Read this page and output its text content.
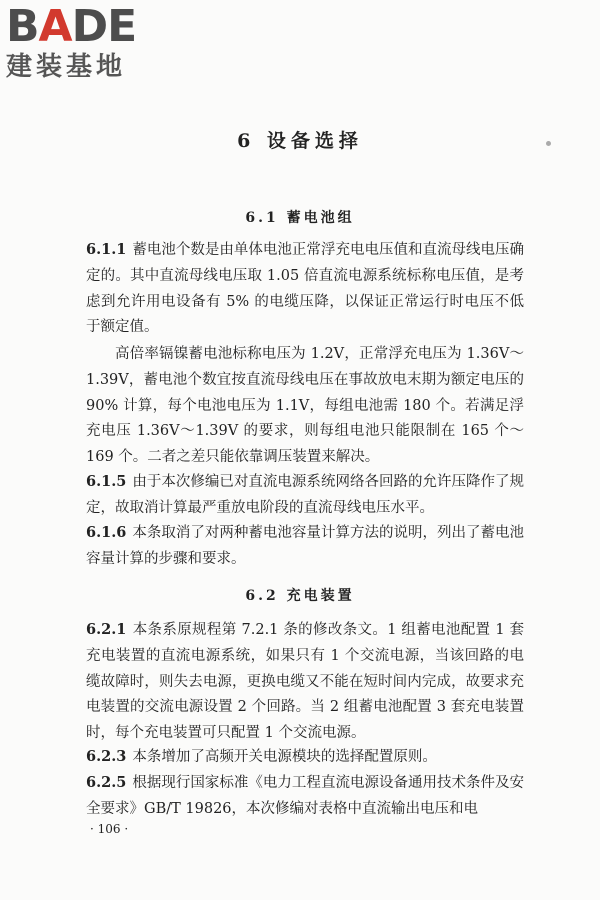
BADE
建装基地
6 设备选择
6.1 蓄电池组
6.1.1 蓄电池个数是由单体电池正常浮充电电压值和直流母线电压确定的。其中直流母线电压取 1.05 倍直流电源系统标称电压值，是考虑到允许用电设备有 5% 的电缆压降，以保证正常运行时电压不低于额定值。
高倍率镉镍蓄电池标称电压为 1.2V，正常浮充电压为 1.36V～1.39V，蓄电池个数宜按直流母线电压在事故放电末期为额定电压的 90% 计算，每个电池电压为 1.1V，每组电池需 180 个。若满足浮充电压 1.36V～1.39V 的要求，则每组电池只能限制在 165 个～169 个。二者之差只能依靠调压装置来解决。
6.1.5 由于本次修编已对直流电源系统网络各回路的允许压降作了规定，故取消计算最严重放电阶段的直流母线电压水平。
6.1.6 本条取消了对两种蓄电池容量计算方法的说明，列出了蓄电池容量计算的步骤和要求。
6.2 充电装置
6.2.1 本条系原规程第 7.2.1 条的修改条文。1 组蓄电池配置 1 套充电装置的直流电源系统，如果只有 1 个交流电源，当该回路的电缆故障时，则失去电源，更换电缆又不能在短时间内完成，故要求充电装置的交流电源设置 2 个回路。当 2 组蓄电池配置 3 套充电装置时，每个充电装置可只配置 1 个交流电源。
6.2.3 本条增加了高频开关电源模块的选择配置原则。
6.2.5 根据现行国家标准《电力工程直流电源设备通用技术条件及安全要求》GB/T 19826，本次修编对表格中直流输出电压和电
· 106 ·
